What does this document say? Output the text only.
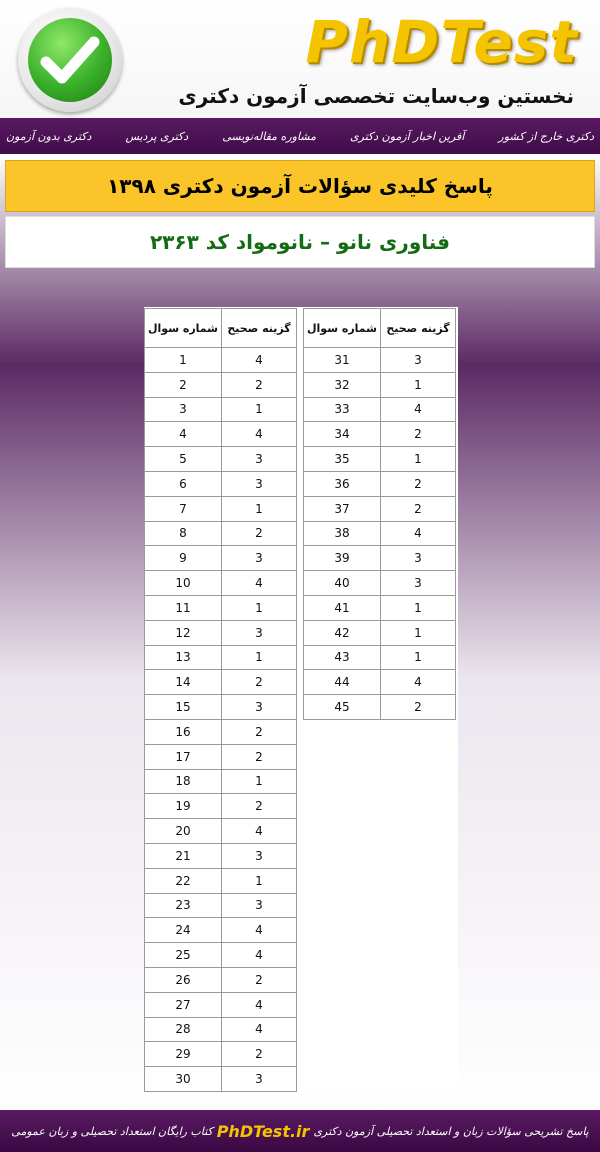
PhDTest
نخستین وب‌سایت تخصصی آزمون دکتری
دکتری بدون آزمون	دکتری پردیس	مشاوره مقاله‌نویسی	آفرین اخبار آزمون دکتری	دکتری خارج از کشور
پاسخ کلیدی سؤالات آزمون دکتری ۱۳۹۸
فناوری نانو – نانومواد کد ۲۳۶۳
شماره سوال	گزینه صحیح
1	4
2	2
3	1
4	4
5	3
6	3
7	1
8	2
9	3
10	4
11	1
12	3
13	1
14	2
15	3
16	2
17	2
18	1
19	2
20	4
21	3
22	1
23	3
24	4
25	4
26	2
27	4
28	4
29	2
30	3
شماره سوال	گزینه صحیح
31	3
32	1
33	4
34	2
35	1
36	2
37	2
38	4
39	3
40	3
41	1
42	1
43	1
44	4
45	2
پاسخ تشریحی سؤالات زبان و استعداد تحصیلی آزمون دکتری
PhDTest.ir
کتاب رایگان استعداد تحصیلی و زبان عمومی
